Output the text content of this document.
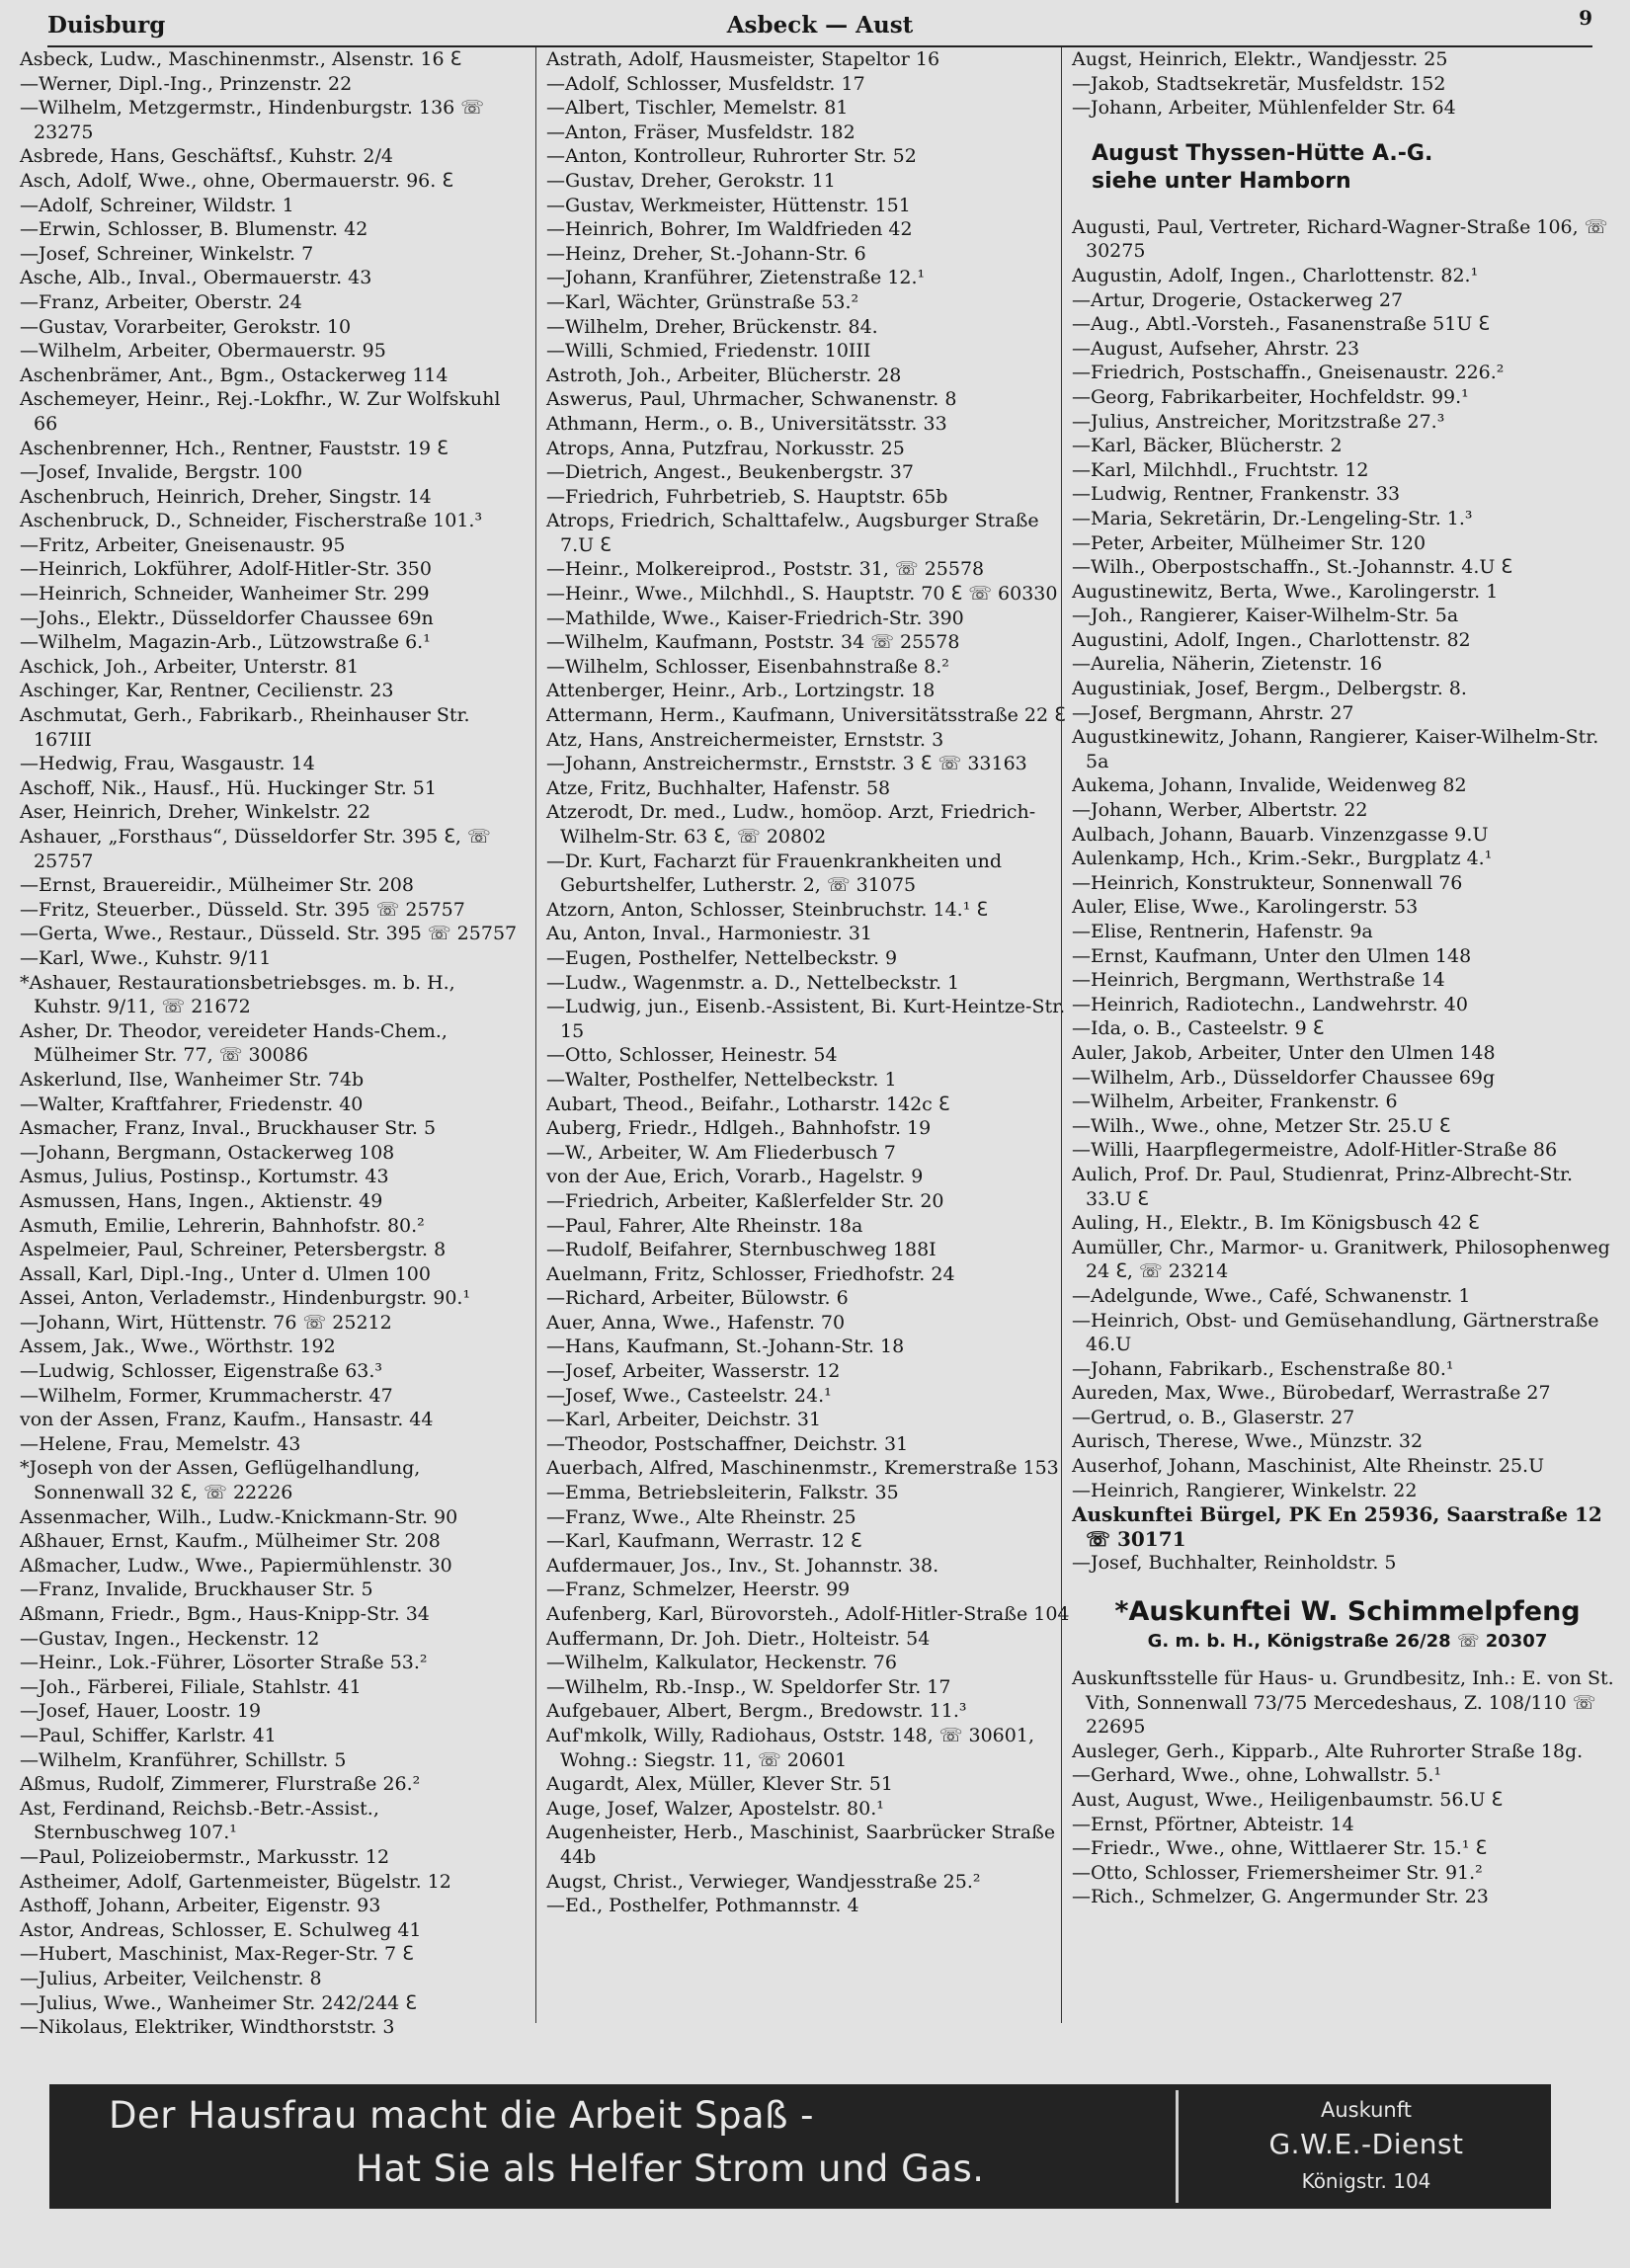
Duisburg	Asbeck — Aust	9

Asbeck, Ludw., Maschinenmstr., Alsenstr. 16 ℇ

—Werner, Dipl.-Ing., Prinzenstr. 22

—Wilhelm, Metzgermstr., Hindenburgstr. 136 ☏ 23275

Asbrede, Hans, Geschäftsf., Kuhstr. 2/4

Asch, Adolf, Wwe., ohne, Obermauerstr. 96. ℇ

—Adolf, Schreiner, Wildstr. 1

—Erwin, Schlosser, B. Blumenstr. 42

—Josef, Schreiner, Winkelstr. 7

Asche, Alb., Inval., Obermauerstr. 43

—Franz, Arbeiter, Oberstr. 24

—Gustav, Vorarbeiter, Gerokstr. 10

—Wilhelm, Arbeiter, Obermauerstr. 95

Aschenbrämer, Ant., Bgm., Ostackerweg 114

Aschemeyer, Heinr., Rej.-Lokfhr., W. Zur Wolfskuhl 66

Aschenbrenner, Hch., Rentner, Fauststr. 19 ℇ

—Josef, Invalide, Bergstr. 100

Aschenbruch, Heinrich, Dreher, Singstr. 14

Aschenbruck, D., Schneider, Fischerstraße 101.³

—Fritz, Arbeiter, Gneisenaustr. 95

—Heinrich, Lokführer, Adolf-Hitler-Str. 350

—Heinrich, Schneider, Wanheimer Str. 299

—Johs., Elektr., Düsseldorfer Chaussee 69n

—Wilhelm, Magazin-Arb., Lützowstraße 6.¹

Aschick, Joh., Arbeiter, Unterstr. 81

Aschinger, Kar, Rentner, Cecilienstr. 23

Aschmutat, Gerh., Fabrikarb., Rheinhauser Str. 167III

—Hedwig, Frau, Wasgaustr. 14

Aschoff, Nik., Hausf., Hü. Huckinger Str. 51

Aser, Heinrich, Dreher, Winkelstr. 22

Ashauer, „Forsthaus“, Düsseldorfer Str. 395 ℇ, ☏ 25757

—Ernst, Brauereidir., Mülheimer Str. 208

—Fritz, Steuerber., Düsseld. Str. 395 ☏ 25757

—Gerta, Wwe., Restaur., Düsseld. Str. 395 ☏ 25757

—Karl, Wwe., Kuhstr. 9/11

*Ashauer, Restaurationsbetriebsges. m. b. H., Kuhstr. 9/11, ☏ 21672

Asher, Dr. Theodor, vereideter Hands-Chem., Mülheimer Str. 77, ☏ 30086

Askerlund, Ilse, Wanheimer Str. 74b

—Walter, Kraftfahrer, Friedenstr. 40

Asmacher, Franz, Inval., Bruckhauser Str. 5

—Johann, Bergmann, Ostackerweg 108

Asmus, Julius, Postinsp., Kortumstr. 43

Asmussen, Hans, Ingen., Aktienstr. 49

Asmuth, Emilie, Lehrerin, Bahnhofstr. 80.²

Aspelmeier, Paul, Schreiner, Petersbergstr. 8

Assall, Karl, Dipl.-Ing., Unter d. Ulmen 100

Assei, Anton, Verlademstr., Hindenburgstr. 90.¹

—Johann, Wirt, Hüttenstr. 76 ☏ 25212

Assem, Jak., Wwe., Wörthstr. 192

—Ludwig, Schlosser, Eigenstraße 63.³

—Wilhelm, Former, Krummacherstr. 47

von der Assen, Franz, Kaufm., Hansastr. 44

—Helene, Frau, Memelstr. 43

*Joseph von der Assen, Geflügelhandlung, Sonnenwall 32 ℇ, ☏ 22226

Assenmacher, Wilh., Ludw.-Knickmann-Str. 90

Aßhauer, Ernst, Kaufm., Mülheimer Str. 208

Aßmacher, Ludw., Wwe., Papiermühlenstr. 30

—Franz, Invalide, Bruckhauser Str. 5

Aßmann, Friedr., Bgm., Haus-Knipp-Str. 34

—Gustav, Ingen., Heckenstr. 12

—Heinr., Lok.-Führer, Lösorter Straße 53.²

—Joh., Färberei, Filiale, Stahlstr. 41

—Josef, Hauer, Loostr. 19

—Paul, Schiffer, Karlstr. 41

—Wilhelm, Kranführer, Schillstr. 5

Aßmus, Rudolf, Zimmerer, Flurstraße 26.²

Ast, Ferdinand, Reichsb.-Betr.-Assist., Sternbuschweg 107.¹

—Paul, Polizeiobermstr., Markusstr. 12

Astheimer, Adolf, Gartenmeister, Bügelstr. 12

Asthoff, Johann, Arbeiter, Eigenstr. 93

Astor, Andreas, Schlosser, E. Schulweg 41

—Hubert, Maschinist, Max-Reger-Str. 7 ℇ

—Julius, Arbeiter, Veilchenstr. 8

—Julius, Wwe., Wanheimer Str. 242/244 ℇ

—Nikolaus, Elektriker, Windthorststr. 3

Astrath, Adolf, Hausmeister, Stapeltor 16

—Adolf, Schlosser, Musfeldstr. 17

—Albert, Tischler, Memelstr. 81

—Anton, Fräser, Musfeldstr. 182

—Anton, Kontrolleur, Ruhrorter Str. 52

—Gustav, Dreher, Gerokstr. 11

—Gustav, Werkmeister, Hüttenstr. 151

—Heinrich, Bohrer, Im Waldfrieden 42

—Heinz, Dreher, St.-Johann-Str. 6

—Johann, Kranführer, Zietenstraße 12.¹

—Karl, Wächter, Grünstraße 53.²

—Wilhelm, Dreher, Brückenstr. 84.

—Willi, Schmied, Friedenstr. 10III

Astroth, Joh., Arbeiter, Blücherstr. 28

Aswerus, Paul, Uhrmacher, Schwanenstr. 8

Athmann, Herm., o. B., Universitätsstr. 33

Atrops, Anna, Putzfrau, Norkusstr. 25

—Dietrich, Angest., Beukenbergstr. 37

—Friedrich, Fuhrbetrieb, S. Hauptstr. 65b

Atrops, Friedrich, Schalttafelw., Augsburger Straße 7.U ℇ

—Heinr., Molkereiprod., Poststr. 31, ☏ 25578

—Heinr., Wwe., Milchhdl., S. Hauptstr. 70 ℇ ☏ 60330

—Mathilde, Wwe., Kaiser-Friedrich-Str. 390

—Wilhelm, Kaufmann, Poststr. 34 ☏ 25578

—Wilhelm, Schlosser, Eisenbahnstraße 8.²

Attenberger, Heinr., Arb., Lortzingstr. 18

Attermann, Herm., Kaufmann, Universitätsstraße 22 ℇ

Atz, Hans, Anstreichermeister, Ernststr. 3

—Johann, Anstreichermstr., Ernststr. 3 ℇ ☏ 33163

Atze, Fritz, Buchhalter, Hafenstr. 58

Atzerodt, Dr. med., Ludw., homöop. Arzt, Friedrich-Wilhelm-Str. 63 ℇ, ☏ 20802

—Dr. Kurt, Facharzt für Frauenkrankheiten und Geburtshelfer, Lutherstr. 2, ☏ 31075

Atzorn, Anton, Schlosser, Steinbruchstr. 14.¹ ℇ

Au, Anton, Inval., Harmoniestr. 31

—Eugen, Posthelfer, Nettelbeckstr. 9

—Ludw., Wagenmstr. a. D., Nettelbeckstr. 1

—Ludwig, jun., Eisenb.-Assistent, Bi. Kurt-Heintze-Str. 15

—Otto, Schlosser, Heinestr. 54

—Walter, Posthelfer, Nettelbeckstr. 1

Aubart, Theod., Beifahr., Lotharstr. 142c ℇ

Auberg, Friedr., Hdlgeh., Bahnhofstr. 19

—W., Arbeiter, W. Am Fliederbusch 7

von der Aue, Erich, Vorarb., Hagelstr. 9

—Friedrich, Arbeiter, Kaßlerfelder Str. 20

—Paul, Fahrer, Alte Rheinstr. 18a

—Rudolf, Beifahrer, Sternbuschweg 188I

Auelmann, Fritz, Schlosser, Friedhofstr. 24

—Richard, Arbeiter, Bülowstr. 6

Auer, Anna, Wwe., Hafenstr. 70

—Hans, Kaufmann, St.-Johann-Str. 18

—Josef, Arbeiter, Wasserstr. 12

—Josef, Wwe., Casteelstr. 24.¹

—Karl, Arbeiter, Deichstr. 31

—Theodor, Postschaffner, Deichstr. 31

Auerbach, Alfred, Maschinenmstr., Kremerstraße 153

—Emma, Betriebsleiterin, Falkstr. 35

—Franz, Wwe., Alte Rheinstr. 25

—Karl, Kaufmann, Werrastr. 12 ℇ

Aufdermauer, Jos., Inv., St. Johannstr. 38.

—Franz, Schmelzer, Heerstr. 99

Aufenberg, Karl, Bürovorsteh., Adolf-Hitler-Straße 104

Auffermann, Dr. Joh. Dietr., Holteistr. 54

—Wilhelm, Kalkulator, Heckenstr. 76

—Wilhelm, Rb.-Insp., W. Speldorfer Str. 17

Aufgebauer, Albert, Bergm., Bredowstr. 11.³

Auf'mkolk, Willy, Radiohaus, Oststr. 148, ☏ 30601, Wohng.: Siegstr. 11, ☏ 20601

Augardt, Alex, Müller, Klever Str. 51

Auge, Josef, Walzer, Apostelstr. 80.¹

Augenheister, Herb., Maschinist, Saarbrücker Straße 44b

Augst, Christ., Verwieger, Wandjesstraße 25.²

—Ed., Posthelfer, Pothmannstr. 4

Augst, Heinrich, Elektr., Wandjesstr. 25

—Jakob, Stadtsekretär, Musfeldstr. 152

—Johann, Arbeiter, Mühlenfelder Str. 64

August Thyssen-Hütte A.-G.
siehe unter Hamborn

Augusti, Paul, Vertreter, Richard-Wagner-Straße 106, ☏ 30275

Augustin, Adolf, Ingen., Charlottenstr. 82.¹

—Artur, Drogerie, Ostackerweg 27

—Aug., Abtl.-Vorsteh., Fasanenstraße 51U ℇ

—August, Aufseher, Ahrstr. 23

—Friedrich, Postschaffn., Gneisenaustr. 226.²

—Georg, Fabrikarbeiter, Hochfeldstr. 99.¹

—Julius, Anstreicher, Moritzstraße 27.³

—Karl, Bäcker, Blücherstr. 2

—Karl, Milchhdl., Fruchtstr. 12

—Ludwig, Rentner, Frankenstr. 33

—Maria, Sekretärin, Dr.-Lengeling-Str. 1.³

—Peter, Arbeiter, Mülheimer Str. 120

—Wilh., Oberpostschaffn., St.-Johannstr. 4.U ℇ

Augustinewitz, Berta, Wwe., Karolingerstr. 1

—Joh., Rangierer, Kaiser-Wilhelm-Str. 5a

Augustini, Adolf, Ingen., Charlottenstr. 82

—Aurelia, Näherin, Zietenstr. 16

Augustiniak, Josef, Bergm., Delbergstr. 8.

—Josef, Bergmann, Ahrstr. 27

Augustkinewitz, Johann, Rangierer, Kaiser-Wilhelm-Str. 5a

Aukema, Johann, Invalide, Weidenweg 82

—Johann, Werber, Albertstr. 22

Aulbach, Johann, Bauarb. Vinzenzgasse 9.U

Aulenkamp, Hch., Krim.-Sekr., Burgplatz 4.¹

—Heinrich, Konstrukteur, Sonnenwall 76

Auler, Elise, Wwe., Karolingerstr. 53

—Elise, Rentnerin, Hafenstr. 9a

—Ernst, Kaufmann, Unter den Ulmen 148

—Heinrich, Bergmann, Werthstraße 14

—Heinrich, Radiotechn., Landwehrstr. 40

—Ida, o. B., Casteelstr. 9 ℇ

Auler, Jakob, Arbeiter, Unter den Ulmen 148

—Wilhelm, Arb., Düsseldorfer Chaussee 69g

—Wilhelm, Arbeiter, Frankenstr. 6

—Wilh., Wwe., ohne, Metzer Str. 25.U ℇ

—Willi, Haarpflegermeistre, Adolf-Hitler-Straße 86

Aulich, Prof. Dr. Paul, Studienrat, Prinz-Albrecht-Str. 33.U ℇ

Auling, H., Elektr., B. Im Königsbusch 42 ℇ

Aumüller, Chr., Marmor- u. Granitwerk, Philosophenweg 24 ℇ, ☏ 23214

—Adelgunde, Wwe., Café, Schwanenstr. 1

—Heinrich, Obst- und Gemüsehandlung, Gärtnerstraße 46.U

—Johann, Fabrikarb., Eschenstraße 80.¹

Aureden, Max, Wwe., Bürobedarf, Werrastraße 27

—Gertrud, o. B., Glaserstr. 27

Aurisch, Therese, Wwe., Münzstr. 32

Auserhof, Johann, Maschinist, Alte Rheinstr. 25.U

—Heinrich, Rangierer, Winkelstr. 22

Auskunftei Bürgel, PK En 25936, Saarstraße 12 ☏ 30171

—Josef, Buchhalter, Reinholdstr. 5

*Auskunftei W. Schimmelpfeng
G. m. b. H., Königstraße 26/28 ☏ 20307

Auskunftsstelle für Haus- u. Grundbesitz, Inh.: E. von St. Vith, Sonnenwall 73/75 Mercedeshaus, Z. 108/110 ☏ 22695

Ausleger, Gerh., Kipparb., Alte Ruhrorter Straße 18g.

—Gerhard, Wwe., ohne, Lohwallstr. 5.¹

Aust, August, Wwe., Heiligenbaumstr. 56.U ℇ

—Ernst, Pförtner, Abteistr. 14

—Friedr., Wwe., ohne, Wittlaerer Str. 15.¹ ℇ

—Otto, Schlosser, Friemersheimer Str. 91.²

—Rich., Schmelzer, G. Angermunder Str. 23

Der Hausfrau macht die Arbeit Spaß -
Hat Sie als Helfer Strom und Gas.
Auskunft
G.W.E.-Dienst
Königstr. 104
